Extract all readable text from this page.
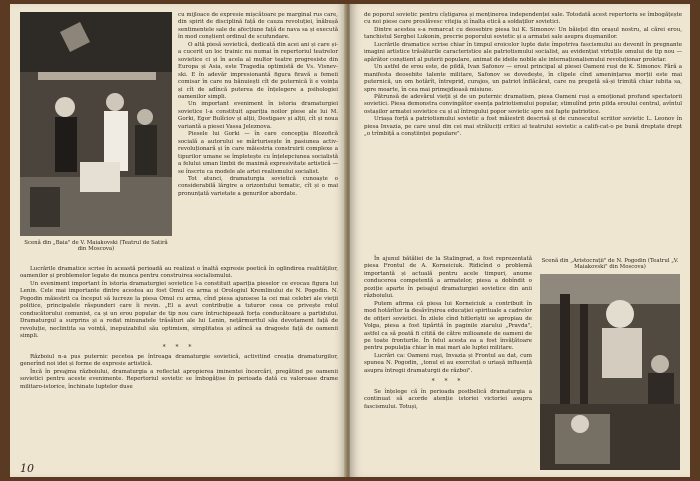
Scenă din „Baia" de V. Maiakovski (Teatrul de Satiră din Moscova)

cu mijloace de expresie mișcătoare pe marginal rus care, din spirit de disciplină față de cauza revoluției, înăbușă sentimentele sale de afecțiune față de nava sa și execută în mod conștient ordinul de scufundare.

O altă piesă sovietică, dedicată din acei ani și care și-a cucerit un loc trainic nu numai în repertoriul teatrelor sovietice ci și în acela al multor teatre progresiste din Europa și Asia, este Tragedia optimistă de Vs. Visnev-ski. E în adevăr impresionantă figura firavă a femeii comisar în care nu bănuiești cît de puternică îi e voința și cît de adîncă puterea de înțelegere a psihologiei oamenilor simpli.

Un important eveniment în istoria dramaturgiei sovietice l-a constituit apariția noilor piese ale lui M. Gorki, Egor Bulîciov și alții, Dostigaev și alții, cît și noua variantă a piesei Vassa Jeleznova.

Piesele lui Gorki — în care concepția filozofică socială a autorului se mărturisește în pasiunea activ-revoluționară și în care măiestria construirii complexe a tipurilor umane se împletește cu înțelepciunea socialistă a felului uman limbii de maximă expresivitate artistică — se înscriu ca modele ale artei realismului socialist.

Tot atunci, dramaturgia sovietică cunoaște o considerabilă lărgire a orizontului tematic, cît și o mai pronunțată varietate a genurilor abordate.

Lucrările dramatice scrise în această perioadă au realizat o înaltă expresie poetică în oglindirea realităților, oamenilor și problemelor legate de munca pentru construirea socialismului.

Un eveniment important în istoria dramaturgiei sovietice l-a constituit apariția pieselor ce evocau figura lui Lenin. Cele mai importante dintre acestea au fost Omul cu arma și Orologiul Kremlinului de N. Pogodin. N. Pogodin măiestrit ca început să lucreze la piesa Omul cu arma, cînd piesa ajunsese la cei mai celebri ale vieții politice, principalele răspunderi care îi revin. „El a avut contribuție a tuturor ceea ce privește rolul conducătorului comunist, ca și un erou popular de tip nou care întruchipează forța conducătoare a partidului. Dramaturgul a surprins și a redat minunatele trăsături ale lui Lenin, nețărmuritul său devotament față de revoluție, neclintita sa voință, inepuizabilul său optimism, simplitatea și adîncă sa dragoste față de oamenii simpli.

* * *

Războiul n-a pus puternic pecetea pe întreaga dramaturgie sovietică, activitind creația dramaturgilor, generînd noi idei și forme de expresie artistică.

Încă în preajma războiului, dramaturgia a reflectat apropierea iminentei încercări, pregătind pe oamenii sovietici pentru aceste evenimente. Repertoriul sovietic se îmbogățise în perioada dată cu valoroase drame militaro-istorice, închinate luptelor duse

10

de poporul sovietic pentru cîștigarea și menținerea independenței sale. Totodată acest repertoriu se îmbogățește cu noi piese care proslăvesc vitejia și înalta etică a soldaților sovietici.

Dintre acestea s-a remarcat cu deosebire piesa lui K. Simonov: Un băiețel din orașul nostru, al cărei erou, tanchistul Serghei Lukonin, precrie poporului sovietic și a armatei sale asupra dușmanilor.

Lucrările dramatice scrise chiar în timpul eroicelor lupte date împotriva fascismului au devenit în pregnante imagini artistice trăsăturile caracteristice ale patriotismului socialist, au evidențiat virtuțile omului de tip nou — apărător conștient al puterii populare, animat de ideile nobile ale internaționalismului revoluționar proletar.

Un astfel de erou este, de pildă, Ivan Safonov — eroul principal al piesei Oameni ruși de K. Simonov. Fără a manifesta deosebite talente militare, Safonov se dovedește, în clipele cînd amenințarea morții este mai puternică, un om hotărît, întreprid, curajos, un patriot înflăcărat, care nu pregetă să-și trimită chiar iubita sa, spre moarte, în cea mai primejdioasă misiune.

Pătrunsă de adevărul vieții și de un puternic dramatism, piesa Oameni ruși a emoționat profund spectatorii sovietici. Piesa demonstra convingător esența patriotismului popular, stimulînd prin pilda eroului central, avîntul ostașilor armatei sovietice cu și al întregului popor sovietic spre noi fapte patriotice.

Uriașa forță a patriotismului sovietic a fost măiestrit descrisă și de cunoscutul scriitor sovietic L. Leonov în piesa Invazia, pe care unul din cei mai străluciți critici al teatrului sovietic a califi-cat-o pe bună dreptate drept „o trîmbiță a conștiinței populare".

În ajunul bătăliei de la Stalingrad, a fost reprezentată piesa Frontul de A. Korneiciuk. Ridicînd o problemă importantă și actuală pentru acele timpuri, anume conducerea competentă a armatelor, piesa a dobîndit o poziție aparte în peisajul dramaturgiei sovietice din anii războiului.

Putem afirma că piesa lui Korneiciuk a contribuit în mod hotărîtor la desăvîrșirea educației spirituale a cadrelor de ofițeri sovietici. În zilele cînd hitleriștii se apropiau de Volga, piesa a fost tipărită în paginile ziarului „Pravda", astfel ca să poată fi citită de către milioanele de oameni de pe toate fronturile. În felul acesta ea a fost învățătoare pentru populația chiar în mai mari ale luptei militare.

Lucrări ca: Oameni ruși, Invazia și Frontul au dat, cum spunea N. Pogodin, „tonul ei au exercitat o uriașă influență asupra întregii dramaturgii de război".

* * *

Se înțelege că în perioada postbelică dramaturgia a continuat să acorde atenție istoriei victoriei asupra fascismului. Totuși,

Scenă din „Aristocrații" de N. Pogodin (Teatrul „V. Maiakovski" din Moscova)
